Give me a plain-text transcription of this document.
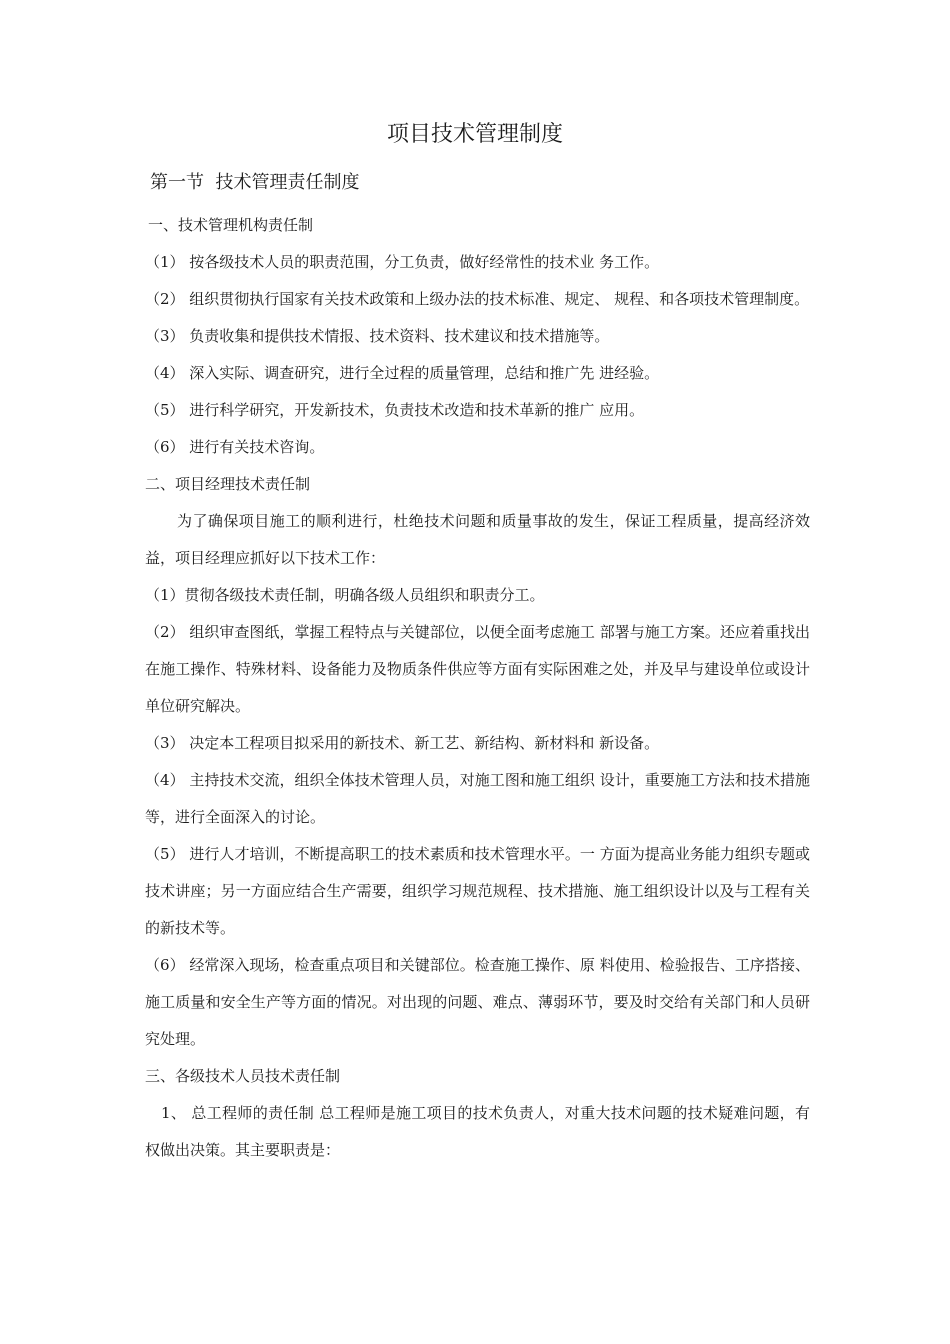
项目技术管理制度
第一节  技术管理责任制度

一、技术管理机构责任制

（1） 按各级技术人员的职责范围，分工负责，做好经常性的技术业 务工作。

（2） 组织贯彻执行国家有关技术政策和上级办法的技术标准、规定、 规程、和各项技术管理制度。

（3） 负责收集和提供技术情报、技术资料、技术建议和技术措施等。

（4） 深入实际、调查研究，进行全过程的质量管理，总结和推广先 进经验。

（5） 进行科学研究，开发新技术，负责技术改造和技术革新的推广 应用。

（6） 进行有关技术咨询。

二、项目经理技术责任制

为了确保项目施工的顺利进行，杜绝技术问题和质量事故的发生，保证工程质量，提高经济效益，项目经理应抓好以下技术工作：

（1）贯彻各级技术责任制，明确各级人员组织和职责分工。

（2） 组织审查图纸，掌握工程特点与关键部位，以便全面考虑施工 部署与施工方案。还应着重找出在施工操作、特殊材料、设备能力及物质条件供应等方面有实际困难之处，并及早与建设单位或设计单位研究解决。

（3） 决定本工程项目拟采用的新技术、新工艺、新结构、新材料和 新设备。

（4） 主持技术交流，组织全体技术管理人员，对施工图和施工组织 设计，重要施工方法和技术措施等，进行全面深入的讨论。

（5） 进行人才培训，不断提高职工的技术素质和技术管理水平。一 方面为提高业务能力组织专题或技术讲座；另一方面应结合生产需要，组织学习规范规程、技术措施、施工组织设计以及与工程有关的新技术等。

（6） 经常深入现场，检查重点项目和关键部位。检查施工操作、原 料使用、检验报告、工序搭接、施工质量和安全生产等方面的情况。对出现的问题、难点、薄弱环节，要及时交给有关部门和人员研究处理。

三、各级技术人员技术责任制

1、 总工程师的责任制 总工程师是施工项目的技术负责人，对重大技术问题的技术疑难问题，有权做出决策。其主要职责是：
